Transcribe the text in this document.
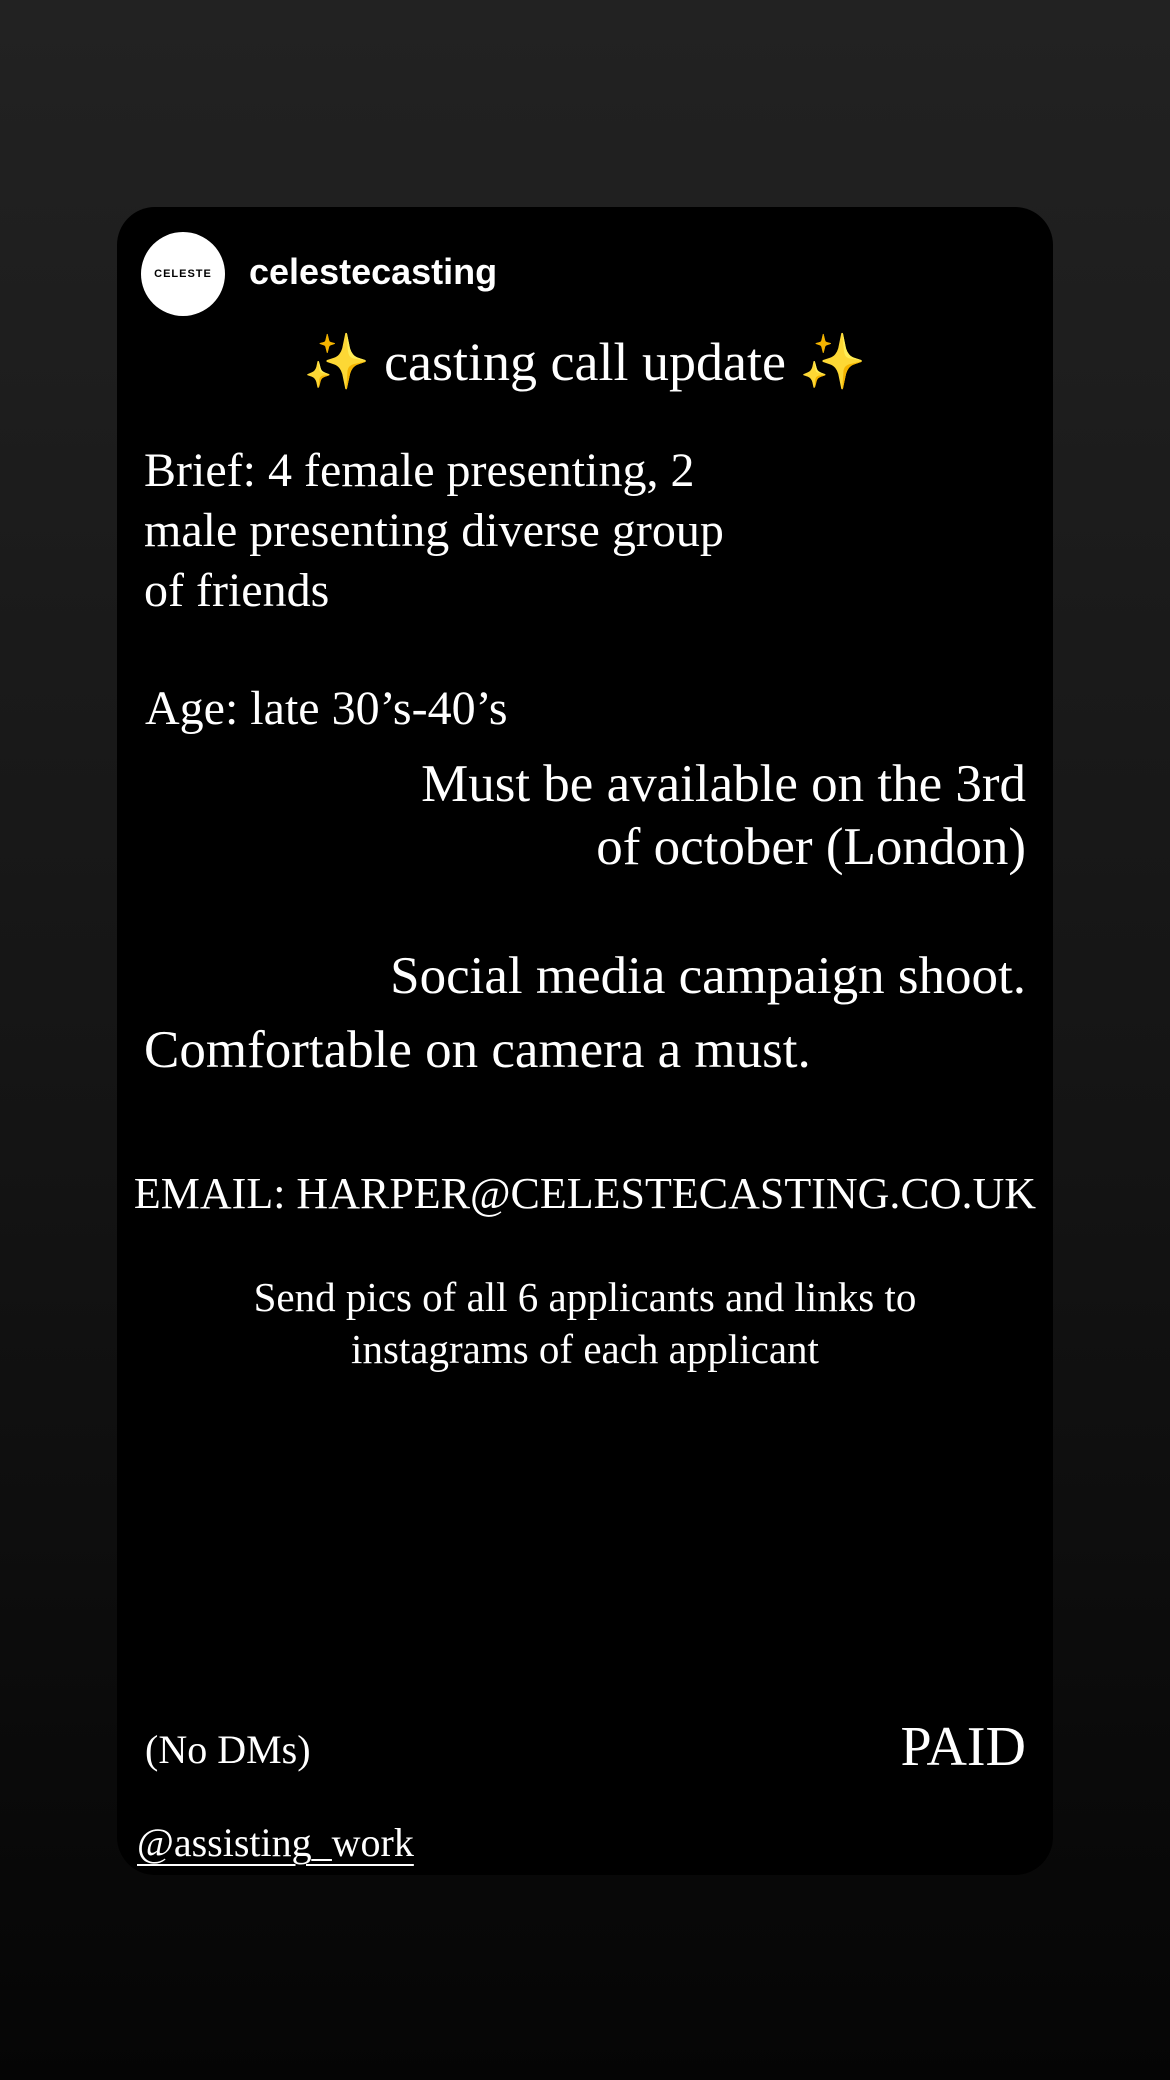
CELESTE celestecasting
✨ casting call update ✨
Brief: 4 female presenting, 2
male presenting diverse group
of friends
Age: late 30’s-40’s
Must be available on the 3rd
of october (London)
Social media campaign shoot.
Comfortable on camera a must.
EMAIL: HARPER@CELESTECASTING.CO.UK
Send pics of all 6 applicants and links to
instagrams of each applicant
(No DMs)	PAID
@assisting_work
